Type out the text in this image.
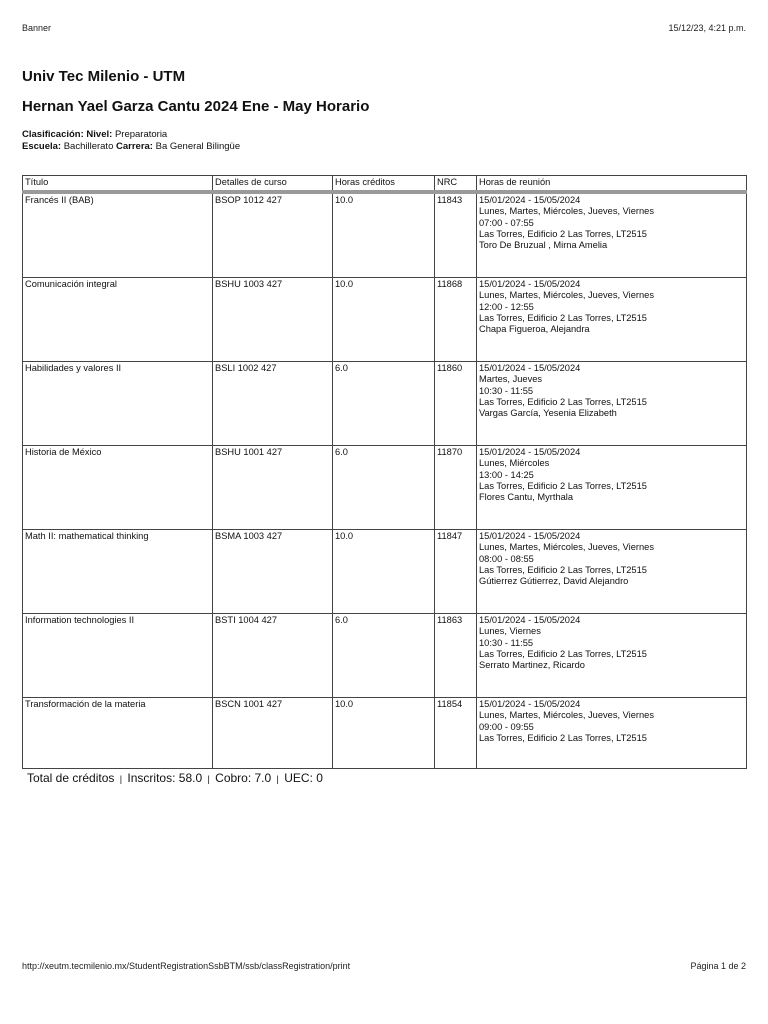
Banner	15/12/23, 4:21 p.m.
Univ Tec Milenio - UTM
Hernan Yael Garza Cantu 2024 Ene - May Horario
Clasificación: Nivel: Preparatoria
Escuela: Bachillerato Carrera: Ba General Bilingüe
Título	Detalles de curso	Horas créditos	NRC	Horas de reunión
Francés II (BAB)	BSOP 1012 427	10.0	11843	15/01/2024 - 15/05/2024
Lunes, Martes, Miércoles, Jueves, Viernes
07:00 - 07:55
Las Torres, Edificio 2 Las Torres, LT2515
Toro De Bruzual , Mirna Amelia

Comunicación integral	BSHU 1003 427	10.0	11868	15/01/2024 - 15/05/2024
Lunes, Martes, Miércoles, Jueves, Viernes
12:00 - 12:55
Las Torres, Edificio 2 Las Torres, LT2515
Chapa Figueroa, Alejandra

Habilidades y valores II	BSLI 1002 427	6.0	11860	15/01/2024 - 15/05/2024
Martes, Jueves
10:30 - 11:55
Las Torres, Edificio 2 Las Torres, LT2515
Vargas García, Yesenia Elizabeth

Historia de México	BSHU 1001 427	6.0	11870	15/01/2024 - 15/05/2024
Lunes, Miércoles
13:00 - 14:25
Las Torres, Edificio 2 Las Torres, LT2515
Flores Cantu, Myrthala

Math II: mathematical thinking	BSMA 1003 427	10.0	11847	15/01/2024 - 15/05/2024
Lunes, Martes, Miércoles, Jueves, Viernes
08:00 - 08:55
Las Torres, Edificio 2 Las Torres, LT2515
Gútierrez Gútierrez, David Alejandro

Information technologies II	BSTI 1004 427	6.0	11863	15/01/2024 - 15/05/2024
Lunes, Viernes
10:30 - 11:55
Las Torres, Edificio 2 Las Torres, LT2515
Serrato Martinez, Ricardo

Transformación de la materia	BSCN 1001 427	10.0	11854	15/01/2024 - 15/05/2024
Lunes, Martes, Miércoles, Jueves, Viernes
09:00 - 09:55
Las Torres, Edificio 2 Las Torres, LT2515
Total de créditos | Inscritos: 58.0 | Cobro: 7.0 | UEC: 0
http://xeutm.tecmilenio.mx/StudentRegistrationSsbBTM/ssb/classRegistration/print	Página 1 de 2
